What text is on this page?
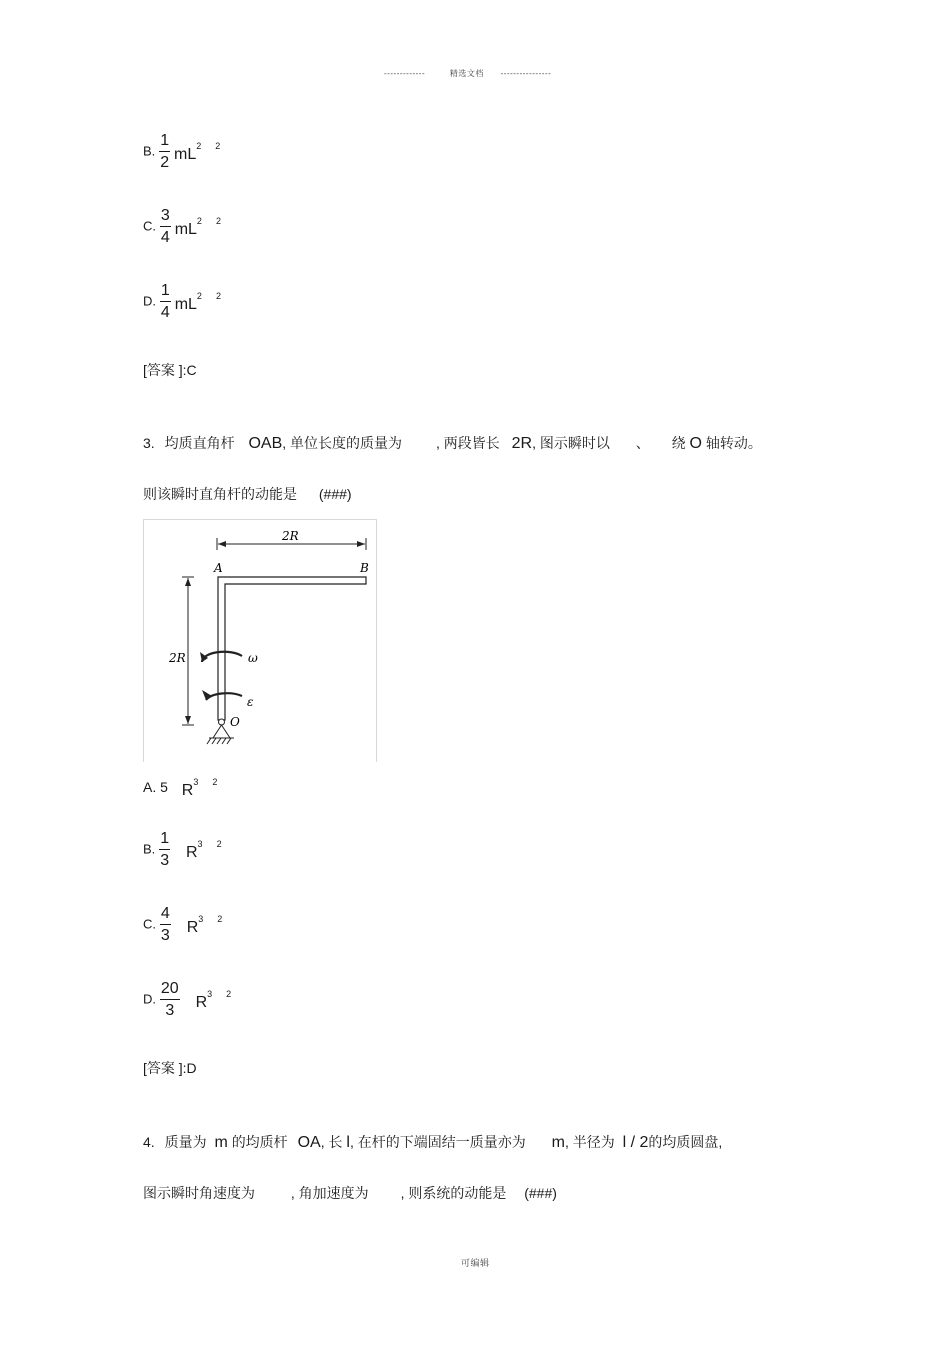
-------------	精选文档 ----------------
B. $\frac{1}{2} mL^2$ $^2$
C. $\frac{3}{4} mL^2$ $^2$
D. $\frac{1}{4} mL^2$ $^2$
[答案 ]:C
3. 均质直角杆 OAB, 单位长度的质量为 , 两段皆长 2R, 图示瞬时以 、 绕 O 轴转动。
则该瞬时直角杆的动能是 (###)
2R
A	B
2R	ω
ε
O
A. 5 $R^3$ $^2$
B. $\frac{1}{3} R^3$ $^2$
C. $\frac{4}{3} R^3$ $^2$
D. $\frac{20}{3} R^3$ $^2$
[答案 ]:D
4. 质量为 m 的均质杆 OA, 长 l, 在杆的下端固结一质量亦为 m, 半径为 l / 2的均质圆盘,
图示瞬时角速度为	, 角加速度为 , 则系统的动能是 (###)
可编辑
